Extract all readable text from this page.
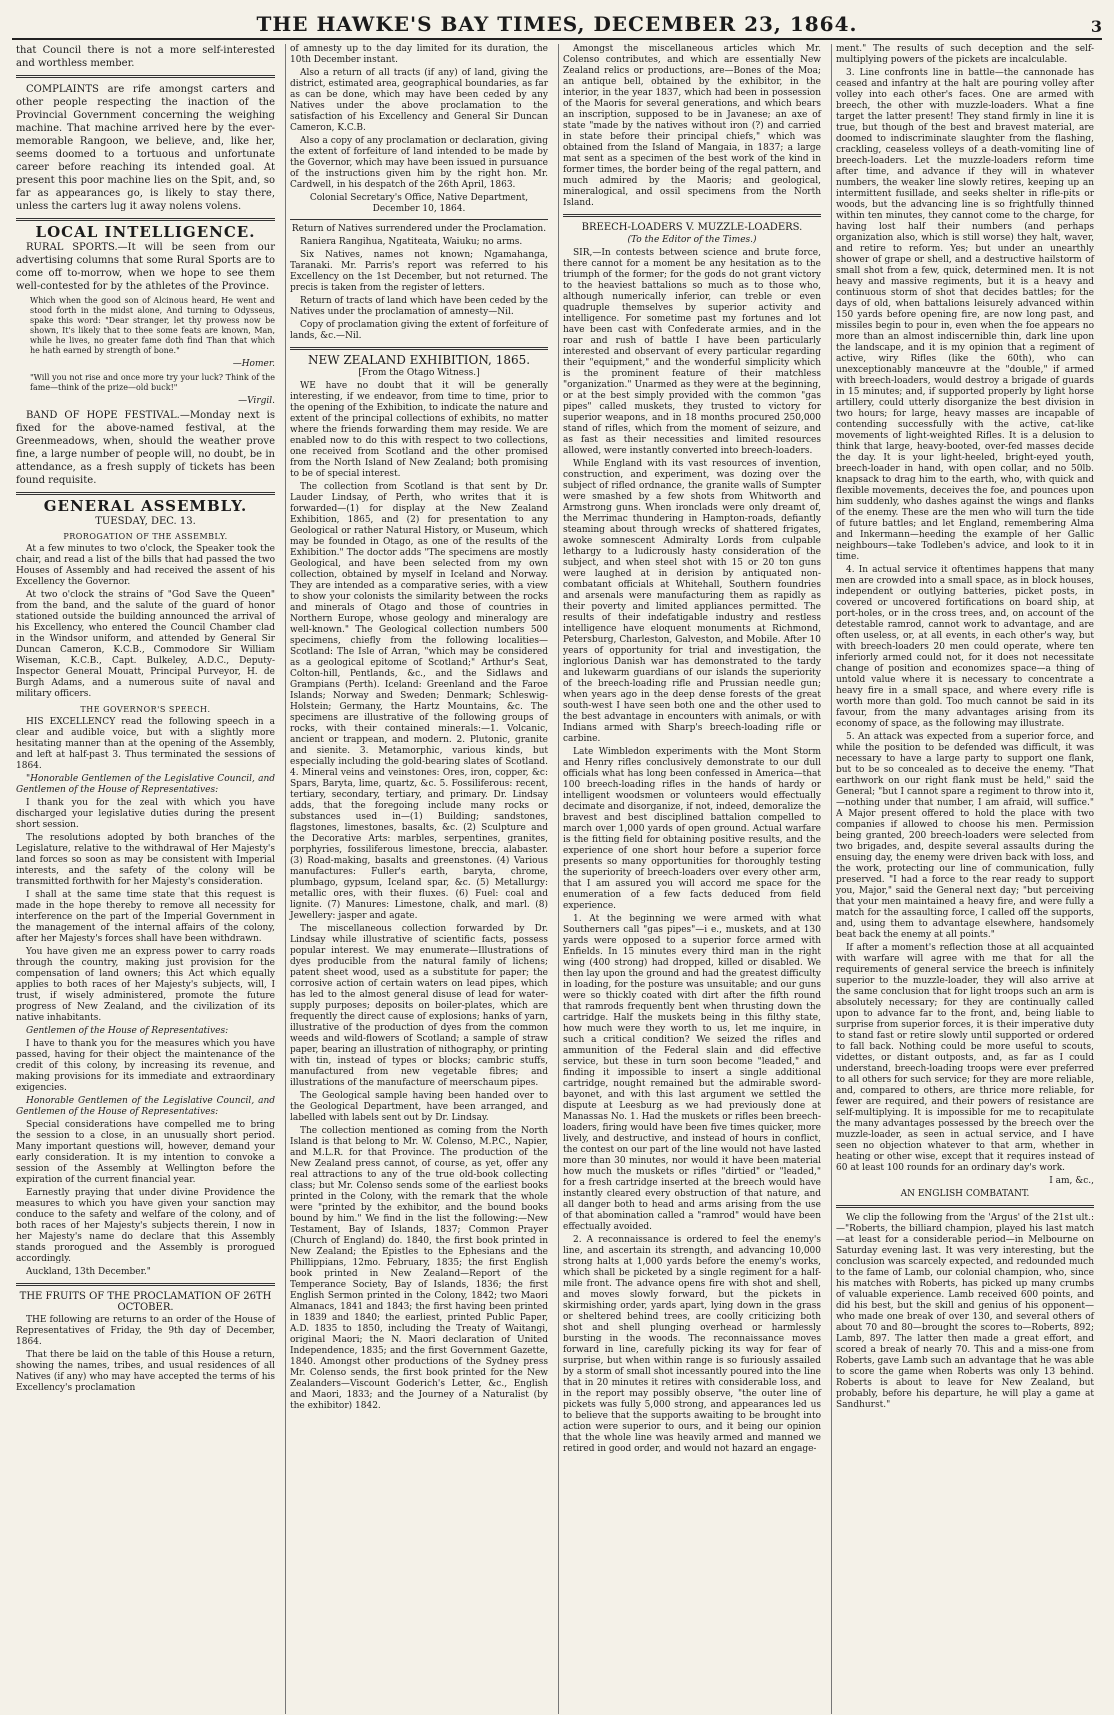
THE HAWKE'S BAY TIMES, DECEMBER 23, 1864.	3

that Council there is not a more self-interested and worthless member.

COMPLAINTS are rife amongst carters and other people respecting the inaction of the Provincial Government concerning the weighing machine. That machine arrived here by the ever-memorable Rangoon, we believe, and, like her, seems doomed to a tortuous and unfortunate career before reaching its intended goal. At present this poor machine lies on the Spit, and, so far as appearances go, is likely to stay there, unless the carters lug it away nolens volens.

LOCAL INTELLIGENCE.

RURAL SPORTS.—It will be seen from our advertising columns that some Rural Sports are to come off to-morrow, when we hope to see them well-contested for by the athletes of the Province.

Which when the good son of Alcinous heard, He went and stood forth in the midst alone, And turning to Odysseus, spake this word: "Dear stranger, let thy prowess now be shown, It's likely that to thee some feats are known, Man, while he lives, no greater fame doth find Than that which he hath earned by strength of bone."

—Homer.

"Will you not rise and once more try your luck? Think of the fame—think of the prize—old buck!"

—Virgil.

BAND OF HOPE FESTIVAL.—Monday next is fixed for the above-named festival, at the Greenmeadows, when, should the weather prove fine, a large number of people will, no doubt, be in attendance, as a fresh supply of tickets has been found requisite.

GENERAL ASSEMBLY.
TUESDAY, DEC. 13.
PROROGATION OF THE ASSEMBLY.

At a few minutes to two o'clock, the Speaker took the chair, and read a list of the bills that had passed the two Houses of Assembly and had received the assent of his Excellency the Governor.

At two o'clock the strains of "God Save the Queen" from the band, and the salute of the guard of honor stationed outside the building announced the arrival of his Excellency, who entered the Council Chamber clad in the Windsor uniform, and attended by General Sir Duncan Cameron, K.C.B., Commodore Sir William Wiseman, K.C.B., Capt. Bulkeley, A.D.C., Deputy-Inspector General Mouatt, Principal Purveyor, H. de Burgh Adams, and a numerous suite of naval and military officers.

THE GOVERNOR'S SPEECH.

HIS EXCELLENCY read the following speech in a clear and audible voice, but with a slightly more hesitating manner than at the opening of the Assembly, and left at half-past 3. Thus terminated the sessions of 1864.

"Honorable Gentlemen of the Legislative Council, and Gentlemen of the House of Representatives:

I thank you for the zeal with which you have discharged your legislative duties during the present short session.

The resolutions adopted by both branches of the Legislature, relative to the withdrawal of Her Majesty's land forces so soon as may be consistent with Imperial interests, and the safety of the colony will be transmitted forthwith for her Majesty's consideration.

I shall at the same time state that this request is made in the hope thereby to remove all necessity for interference on the part of the Imperial Government in the management of the internal affairs of the colony, after her Majesty's forces shall have been withdrawn.

You have given me an express power to carry roads through the country, making just provision for the compensation of land owners; this Act which equally applies to both races of her Majesty's subjects, will, I trust, if wisely administered, promote the future progress of New Zealand, and the civilization of its native inhabitants.

Gentlemen of the House of Representatives:

I have to thank you for the measures which you have passed, having for their object the maintenance of the credit of this colony, by increasing its revenue, and making provisions for its immediate and extraordinary exigencies.

Honorable Gentlemen of the Legislative Council, and Gentlemen of the House of Representatives:

Special considerations have compelled me to bring the session to a close, in an unusually short period. Many important questions will, however, demand your early consideration. It is my intention to convoke a session of the Assembly at Wellington before the expiration of the current financial year.

Earnestly praying that under divine Providence the measures to which you have given your sanction may conduce to the safety and welfare of the colony, and of both races of her Majesty's subjects therein, I now in her Majesty's name do declare that this Assembly stands prorogued and the Assembly is prorogued accordingly.

Auckland, 13th December."

THE FRUITS OF THE PROCLAMATION OF 26TH OCTOBER.

THE following are returns to an order of the House of Representatives of Friday, the 9th day of December, 1864.

That there be laid on the table of this House a return, showing the names, tribes, and usual residences of all Natives (if any) who may have accepted the terms of his Excellency's proclamation

of amnesty up to the day limited for its duration, the 10th December instant.

Also a return of all tracts (if any) of land, giving the district, estimated area, geographical boundaries, as far as can be done, which may have been ceded by any Natives under the above proclamation to the satisfaction of his Excellency and General Sir Duncan Cameron, K.C.B.

Also a copy of any proclamation or declaration, giving the extent of forfeiture of land intended to be made by the Governor, which may have been issued in pursuance of the instructions given him by the right hon. Mr. Cardwell, in his despatch of the 26th April, 1863.

Colonial Secretary's Office, Native Department, December 10, 1864.

Return of Natives surrendered under the Proclamation.

Raniera Rangihua, Ngatiteata, Waiuku; no arms.

Six Natives, names not known; Ngamahanga, Taranaki. Mr. Parris's report was referred to his Excellency on the 1st December, but not returned. The precis is taken from the register of letters.

Return of tracts of land which have been ceded by the Natives under the proclamation of amnesty—Nil.

Copy of proclamation giving the extent of forfeiture of lands, &c.—Nil.

NEW ZEALAND EXHIBITION, 1865.

[From the Otago Witness.]

WE have no doubt that it will be generally interesting, if we endeavor, from time to time, prior to the opening of the Exhibition, to indicate the nature and extent of the principal collections of exhibits, no matter where the friends forwarding them may reside. We are enabled now to do this with respect to two collections, one received from Scotland and the other promised from the North Island of New Zealand; both promising to be of special interest.

The collection from Scotland is that sent by Dr. Lauder Lindsay, of Perth, who writes that it is forwarded—(1) for display at the New Zealand Exhibition, 1865, and (2) for presentation to any Geological or rather Natural History, or Museum, which may be founded in Otago, as one of the results of the Exhibition." The doctor adds "The specimens are mostly Geological, and have been selected from my own collection, obtained by myself in Iceland and Norway. They are intended as a comparative series, with a view to show your colonists the similarity between the rocks and minerals of Otago and those of countries in Northern Europe, whose geology and mineralogy are well-known." The Geological collection numbers 500 specimens, chiefly from the following localities—Scotland: The Isle of Arran, "which may be considered as a geological epitome of Scotland;" Arthur's Seat, Colton-hill, Pentlands, &c., and the Sidlaws and Grampians (Perth). Iceland: Greenland and the Faroe Islands; Norway and Sweden; Denmark; Schleswig-Holstein; Germany, the Hartz Mountains, &c. The specimens are illustrative of the following groups of rocks, with their contained minerals:—1. Volcanic, ancient or trappean, and modern. 2. Plutonic, granite and sienite. 3. Metamorphic, various kinds, but especially including the gold-bearing slates of Scotland. 4. Mineral veins and veinstones: Ores, iron, copper, &c: Spars, Baryta, lime, quartz, &c. 5. Fossiliferous: recent, tertiary, secondary, tertiary, and primary. Dr. Lindsay adds, that the foregoing include many rocks or substances used in—(1) Building; sandstones, flagstones, limestones, basalts, &c. (2) Sculpture and the Decorative Arts: marbles, serpentines, granites, porphyries, fossiliferous limestone, breccia, alabaster. (3) Road-making, basalts and greenstones. (4) Various manufactures: Fuller's earth, baryta, chrome, plumbago, gypsum, Iceland spar, &c. (5) Metallurgy: metallic ores, with their fluxes. (6) Fuel: coal and lignite. (7) Manures: Limestone, chalk, and marl. (8) Jewellery: jasper and agate.

The miscellaneous collection forwarded by Dr. Lindsay while illustrative of scientific facts, possess popular interest. We may enumerate—Illustrations of dyes producible from the natural family of lichens; patent sheet wood, used as a substitute for paper; the corrosive action of certain waters on lead pipes, which has led to the almost general disuse of lead for water-supply purposes; deposits on boiler-plates, which are frequently the direct cause of explosions; hanks of yarn, illustrative of the production of dyes from the common weeds and wild-flowers of Scotland; a sample of straw paper, bearing an illustration of nithography, or printing with tin, instead of types or blocks; cambric stuffs, manufactured from new vegetable fibres; and illustrations of the manufacture of meerschaum pipes.

The Geological sample having been handed over to the Geological Department, have been arranged, and labelled with labels sent out by Dr. Lindsay.

The collection mentioned as coming from the North Island is that belong to Mr. W. Colenso, M.P.C., Napier, and M.L.R. for that Province. The production of the New Zealand press cannot, of course, as yet, offer any real attractions to any of the true old-book collecting class; but Mr. Colenso sends some of the earliest books printed in the Colony, with the remark that the whole were "printed by the exhibitor, and the bound books bound by him." We find in the list the following:—New Testament, Bay of Islands, 1837; Common Prayer (Church of England) do. 1840, the first book printed in New Zealand; the Epistles to the Ephesians and the Phillippians, 12mo. February, 1835; the first English book printed in New Zealand—Report of the Temperance Society, Bay of Islands, 1836; the first English Sermon printed in the Colony, 1842; two Maori Almanacs, 1841 and 1843; the first having been printed in 1839 and 1840; the earliest, printed Public Paper, A.D. 1835 to 1850, including the Treaty of Waitangi, original Maori; the N. Maori declaration of United Independence, 1835; and the first Government Gazette, 1840. Amongst other productions of the Sydney press Mr. Colenso sends, the first book printed for the New Zealanders—Viscount Goderich's Letter, &c., English and Maori, 1833; and the Journey of a Naturalist (by the exhibitor) 1842.

Amongst the miscellaneous articles which Mr. Colenso contributes, and which are essentially New Zealand relics or productions, are—Bones of the Moa; an antique bell, obtained by the exhibitor, in the interior, in the year 1837, which had been in possession of the Maoris for several generations, and which bears an inscription, supposed to be in Javanese; an axe of state "made by the natives without iron (?) and carried in state before their principal chiefs," which was obtained from the Island of Mangaia, in 1837; a large mat sent as a specimen of the best work of the kind in former times, the border being of the regal pattern, and much admired by the Maoris; and geological, mineralogical, and ossil specimens from the North Island.

BREECH-LOADERS V. MUZZLE-LOADERS.

(To the Editor of the Times.)

SIR,—In contests between science and brute force, there cannot for a moment be any hesitation as to the triumph of the former; for the gods do not grant victory to the heaviest battalions so much as to those who, although numerically inferior, can treble or even quadruple themselves by superior activity and intelligence. For sometime past my fortunes and lot have been cast with Confederate armies, and in the roar and rush of battle I have been particularly interested and observant of every particular regarding their "equipment," and the wonderful simplicity which is the prominent feature of their matchless "organization." Unarmed as they were at the beginning, or at the best simply provided with the common "gas pipes" called muskets, they trusted to victory for superior weapons, and in 18 months procured 250,000 stand of rifles, which from the moment of seizure, and as fast as their necessities and limited resources allowed, were instantly converted into breech-loaders.

While England with its vast resources of invention, construction, and experiment, was dozing over the subject of rifled ordnance, the granite walls of Sumpter were smashed by a few shots from Whitworth and Armstrong guns. When ironclads were only dreamt of, the Merrimac thundering in Hampton-roads, defiantly steaming about through wrecks of shattered frigates, awoke somnescent Admiralty Lords from culpable lethargy to a ludicrously hasty consideration of the subject, and when steel shot with 15 or 20 ton guns were laughed at in derision by antiquated non-combatant officials at Whitehall, Southern foundries and arsenals were manufacturing them as rapidly as their poverty and limited appliances permitted. The results of their indefatigable industry and restless intelligence have eloquent monuments at Richmond, Petersburg, Charleston, Galveston, and Mobile. After 10 years of opportunity for trial and investigation, the inglorious Danish war has demonstrated to the tardy and lukewarm guardians of our islands the superiority of the breech-loading rifle and Prussian needle gun; when years ago in the deep dense forests of the great south-west I have seen both one and the other used to the best advantage in encounters with animals, or with Indians armed with Sharp's breech-loading rifle or carbine.

Late Wimbledon experiments with the Mont Storm and Henry rifles conclusively demonstrate to our dull officials what has long been confessed in America—that 100 breech-loading rifles in the hands of hardy or intelligent woodsmen or volunteers would effectually decimate and disorganize, if not, indeed, demoralize the bravest and best disciplined battalion compelled to march over 1,000 yards of open ground. Actual warfare is the fitting field for obtaining positive results, and the experience of one short hour before a superior force presents so many opportunities for thoroughly testing the superiority of breech-loaders over every other arm, that I am assured you will accord me space for the enumeration of a few facts deduced from field experience.

1. At the beginning we were armed with what Southerners call "gas pipes"—i e., muskets, and at 130 yards were opposed to a superior force armed with Enfields. In 15 minutes every third man in the right wing (400 strong) had dropped, killed or disabled. We then lay upon the ground and had the greatest difficulty in loading, for the posture was unsuitable; and our guns were so thickly coated with dirt after the fifth round that ramrods frequently bent when thrusting down the cartridge. Half the muskets being in this filthy state, how much were they worth to us, let me inquire, in such a critical condition? We seized the rifles and ammunition of the Federal slain and did effective service, but these in turn soon become "leaded," and finding it impossible to insert a single additional cartridge, nought remained but the admirable sword-bayonet, and with this last argument we settled the dispute at Leesburg as we had previously done at Manassas No. 1. Had the muskets or rifles been breech-loaders, firing would have been five times quicker, more lively, and destructive, and instead of hours in conflict, the contest on our part of the line would not have lasted more than 30 minutes, nor would it have been material how much the muskets or rifles "dirtied" or "leaded," for a fresh cartridge inserted at the breech would have instantly cleared every obstruction of that nature, and all danger both to head and arms arising from the use of that abomination called a "ramrod" would have been effectually avoided.

2. A reconnaissance is ordered to feel the enemy's line, and ascertain its strength, and advancing 10,000 strong halts at 1,000 yards before the enemy's works, which shall be picketed by a single regiment for a half-mile front. The advance opens fire with shot and shell, and moves slowly forward, but the pickets in skirmishing order, yards apart, lying down in the grass or sheltered behind trees, are coolly criticizing both shot and shell plunging overhead or harmlessly bursting in the woods. The reconnaissance moves forward in line, carefully picking its way for fear of surprise, but when within range is so furiously assailed by a storm of small shot incessantly poured into the line that in 20 minutes it retires with considerable loss, and in the report may possibly observe, "the outer line of pickets was fully 5,000 strong, and appearances led us to believe that the supports awaiting to be brought into action were superior to ours, and it being our opinion that the whole line was heavily armed and manned we retired in good order, and would not hazard an engage-

ment." The results of such deception and the self-multiplying powers of the pickets are incalculable.

3. Line confronts line in battle—the cannonade has ceased and infantry at the halt are pouring volley after volley into each other's faces. One are armed with breech, the other with muzzle-loaders. What a fine target the latter present! They stand firmly in line it is true, but though of the best and bravest material, are doomed to indiscriminate slaughter from the flashing, crackling, ceaseless volleys of a death-vomiting line of breech-loaders. Let the muzzle-loaders reform time after time, and advance if they will in whatever numbers, the weaker line slowly retires, keeping up an intermittent fusillade, and seeks shelter in rifle-pits or woods, but the advancing line is so frightfully thinned within ten minutes, they cannot come to the charge, for having lost half their numbers (and perhaps organization also, which is still worse) they halt, waver, and retire to reform. Yes; but under an unearthly shower of grape or shell, and a destructive hailstorm of small shot from a few, quick, determined men. It is not heavy and massive regiments, but it is a heavy and continuous storm of shot that decides battles; for the days of old, when battalions leisurely advanced within 150 yards before opening fire, are now long past, and missiles begin to pour in, even when the foe appears no more than an almost indiscernible thin, dark line upon the landscape, and it is my opinion that a regiment of active, wiry Rifles (like the 60th), who can unexceptionably manœuvre at the "double," if armed with breech-loaders, would destroy a brigade of guards in 15 minutes; and, if supported properly by light horse artillery, could utterly disorganize the best division in two hours; for large, heavy masses are incapable of contending successfully with the active, cat-like movements of light-weighted Rifles. It is a delusion to think that large, heavy-booted, over-fed masses decide the day. It is your light-heeled, bright-eyed youth, breech-loader in hand, with open collar, and no 50lb. knapsack to drag him to the earth, who, with quick and flexible movements, deceives the foe, and pounces upon him suddenly, who dashes against the wings and flanks of the enemy. These are the men who will turn the tide of future battles; and let England, remembering Alma and Inkermann—heeding the example of her Gallic neighbours—take Todleben's advice, and look to it in time.

4. In actual service it oftentimes happens that many men are crowded into a small space, as in block houses, independent or outlying batteries, picket posts, in covered or uncovered fortifications on board ship, at port-holes, or in the cross trees, and, on account of the detestable ramrod, cannot work to advantage, and are often useless, or, at all events, in each other's way, but with breech-loaders 20 men could operate, where ten inferiorly armed could not, for it does not necessitate change of position and economizes space—a thing of untold value where it is necessary to concentrate a heavy fire in a small space, and where every rifle is worth more than gold. Too much cannot be said in its favour, from the many advantages arising from its economy of space, as the following may illustrate.

5. An attack was expected from a superior force, and while the position to be defended was difficult, it was necessary to have a large party to support one flank, but to be so concealed as to deceive the enemy. "That earthwork on our right flank must be held," said the General; "but I cannot spare a regiment to throw into it,—nothing under that number, I am afraid, will suffice." A Major present offered to hold the place with two companies if allowed to choose his men. Permission being granted, 200 breech-loaders were selected from two brigades, and, despite several assaults during the ensuing day, the enemy were driven back with loss, and the work, protecting our line of communication, fully preserved. "I had a force to the rear ready to support you, Major," said the General next day; "but perceiving that your men maintained a heavy fire, and were fully a match for the assaulting force, I called off the supports, and, using them to advantage elsewhere, handsomely beat back the enemy at all points."

If after a moment's reflection those at all acquainted with warfare will agree with me that for all the requirements of general service the breech is infinitely superior to the muzzle-loader, they will also arrive at the same conclusion that for light troops such an arm is absolutely necessary; for they are continually called upon to advance far to the front, and, being liable to surprise from superior forces, it is their imperative duty to stand fast or retire slowly until supported or ordered to fall back. Nothing could be more useful to scouts, videttes, or distant outposts, and, as far as I could understand, breech-loading troops were ever preferred to all others for such service; for they are more reliable, and, compared to others, are thrice more reliable, for fewer are required, and their powers of resistance are self-multiplying. It is impossible for me to recapitulate the many advantages possessed by the breech over the muzzle-loader, as seen in actual service, and I have seen no objection whatever to that arm, whether in heating or other wise, except that it requires instead of 60 at least 100 rounds for an ordinary day's work.

I am, &c.,

AN ENGLISH COMBATANT.

We clip the following from the 'Argus' of the 21st ult.:—"Roberts, the billiard champion, played his last match—at least for a considerable period—in Melbourne on Saturday evening last. It was very interesting, but the conclusion was scarcely expected, and redounded much to the fame of Lamb, our colonial champion, who, since his matches with Roberts, has picked up many crumbs of valuable experience. Lamb received 600 points, and did his best, but the skill and genius of his opponent—who made one break of over 130, and several others of about 70 and 80—brought the scores to—Roberts, 892; Lamb, 897. The latter then made a great effort, and scored a break of nearly 70. This and a miss-one from Roberts, gave Lamb such an advantage that he was able to score the game when Roberts was only 13 behind. Roberts is about to leave for New Zealand, but probably, before his departure, he will play a game at Sandhurst."
